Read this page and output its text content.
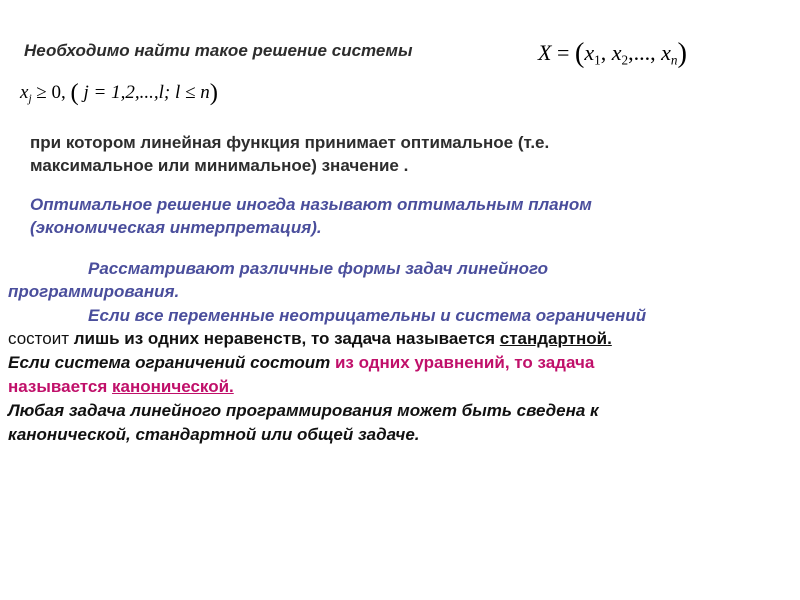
Необходимо найти такое решение системы	$X = (x_1$, $x_2$,..., $x_n$)
$x_j \ge 0$, ( j = 1,2,...,l; l ≤ n)
при котором линейная функция принимает оптимальное (т.е.
максимальное или минимальное) значение .
Оптимальное решение иногда называют оптимальным планом
(экономическая интерпретация).
Рассматривают различные формы задач линейного
программирования.
Если все переменные неотрицательны и система ограничений
состоит лишь из одних неравенств, то задача называется стандартной.
Если система ограничений состоит из одних уравнений, то задача
называется канонической.
Любая задача линейного программирования может быть сведена к
канонической, стандартной или общей задаче.
